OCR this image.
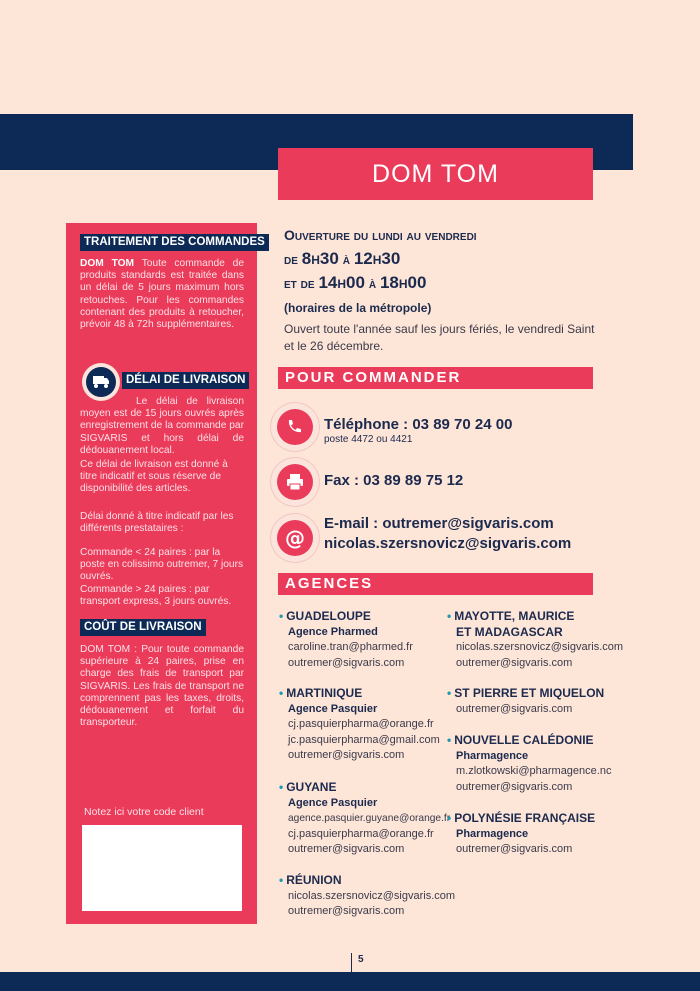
DOM TOM
TRAITEMENT DES COMMANDES
DOM TOM Toute commande de produits standards est traitée dans un délai de 5 jours maximum hors retouches. Pour les commandes contenant des produits à retoucher, prévoir 48 à 72h supplémentaires.
DÉLAI DE LIVRAISON
Le délai de livraison moyen est de 15 jours ouvrés après enregistrement de la commande par SIGVARIS et hors délai de dédouanement local.
Ce délai de livraison est donné à titre indicatif et sous réserve de disponibilité des articles.
Délai donné à titre indicatif par les différents prestataires :
Commande < 24 paires : par la poste en colissimo outremer, 7 jours ouvrés.
Commande > 24 paires : par transport express, 3 jours ouvrés.
COÛT DE LIVRAISON
DOM TOM : Pour toute commande supérieure à 24 paires, prise en charge des frais de transport par SIGVARIS. Les frais de transport ne comprennent pas les taxes, droits, dédouanement et forfait du transporteur.
Notez ici votre code client
Ouverture du lundi au vendredi
de 8h30 à 12h30
et de 14h00 à 18h00
(horaires de la métropole)
Ouvert toute l'année sauf les jours fériés, le vendredi Saint et le 26 décembre.
POUR COMMANDER
Téléphone : 03 89 70 24 00
poste 4472 ou 4421
Fax : 03 89 89 75 12
@
E-mail : outremer@sigvaris.com
nicolas.szersnovicz@sigvaris.com
AGENCES
• GUADELOUPE
Agence Pharmed
caroline.tran@pharmed.fr
outremer@sigvaris.com
• MARTINIQUE
Agence Pasquier
cj.pasquierpharma@orange.fr
jc.pasquierpharma@gmail.com
outremer@sigvaris.com
• GUYANE
Agence Pasquier
agence.pasquier.guyane@orange.fr
cj.pasquierpharma@orange.fr
outremer@sigvaris.com
• RÉUNION
nicolas.szersnovicz@sigvaris.com
outremer@sigvaris.com
• MAYOTTE, MAURICE
ET MADAGASCAR
nicolas.szersnovicz@sigvaris.com
outremer@sigvaris.com
• ST PIERRE ET MIQUELON
outremer@sigvaris.com
• NOUVELLE CALÉDONIE
Pharmagence
m.zlotkowski@pharmagence.nc
outremer@sigvaris.com
• POLYNÉSIE FRANÇAISE
Pharmagence
outremer@sigvaris.com
5
